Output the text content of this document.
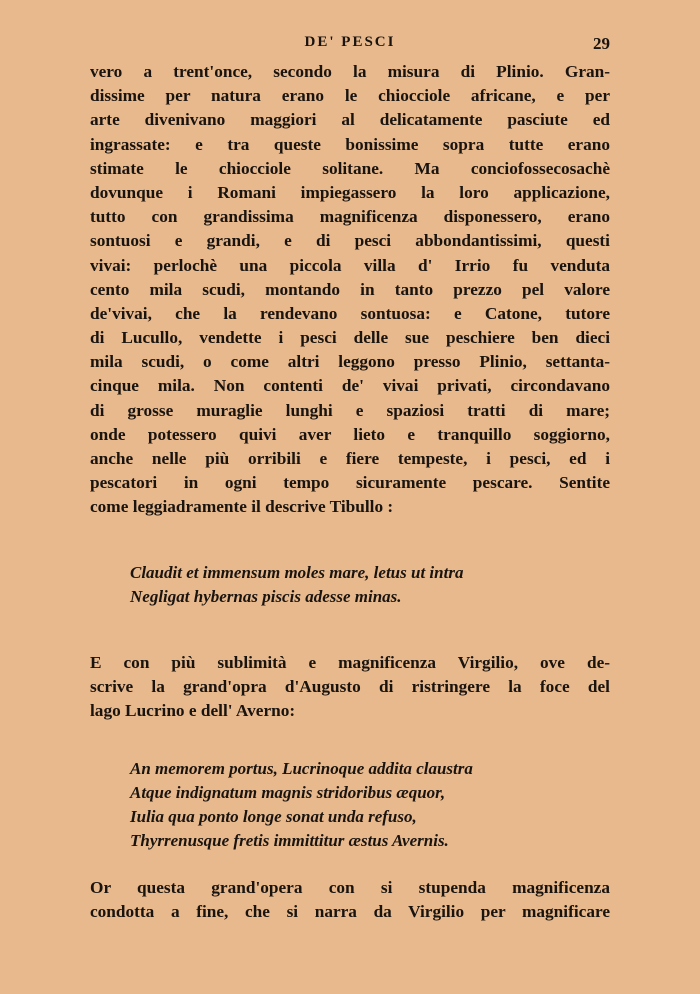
DE' PESCI	29
vero a trent'once, secondo la misura di Plinio. Gran-
dissime per natura erano le chiocciole africane, e per
arte divenivano maggiori al delicatamente pasciute ed
ingrassate: e tra queste bonissime sopra tutte erano
stimate le chiocciole solitane. Ma conciofossecosachè
dovunque i Romani impiegassero la loro applicazione,
tutto con grandissima magnificenza disponessero, erano
sontuosi e grandi, e di pesci abbondantissimi, questi
vivai: perlochè una piccola villa d' Irrio fu venduta
cento mila scudi, montando in tanto prezzo pel valore
de'vivai, che la rendevano sontuosa: e Catone, tutore
di Lucullo, vendette i pesci delle sue peschiere ben dieci
mila scudi, o come altri leggono presso Plinio, settanta-
cinque mila. Non contenti de' vivai privati, circondavano
di grosse muraglie lunghi e spaziosi tratti di mare;
onde potessero quivi aver lieto e tranquillo soggiorno,
anche nelle più orribili e fiere tempeste, i pesci, ed i
pescatori in ogni tempo sicuramente pescare. Sentite
come leggiadramente il descrive Tibullo :
Claudit et immensum moles mare, letus ut intra
Negligat hybernas piscis adesse minas.
E con più sublimità e magnificenza Virgilio, ove de-
scrive la grand'opra d'Augusto di ristringere la foce del
lago Lucrino e dell' Averno:
An memorem portus, Lucrinoque addita claustra
Atque indignatum magnis stridoribus æquor,
Iulia qua ponto longe sonat unda refuso,
Thyrrenusque fretis immittitur æstus Avernis.
Or questa grand'opera con si stupenda magnificenza
condotta a fine, che si narra da Virgilio per magnificare
